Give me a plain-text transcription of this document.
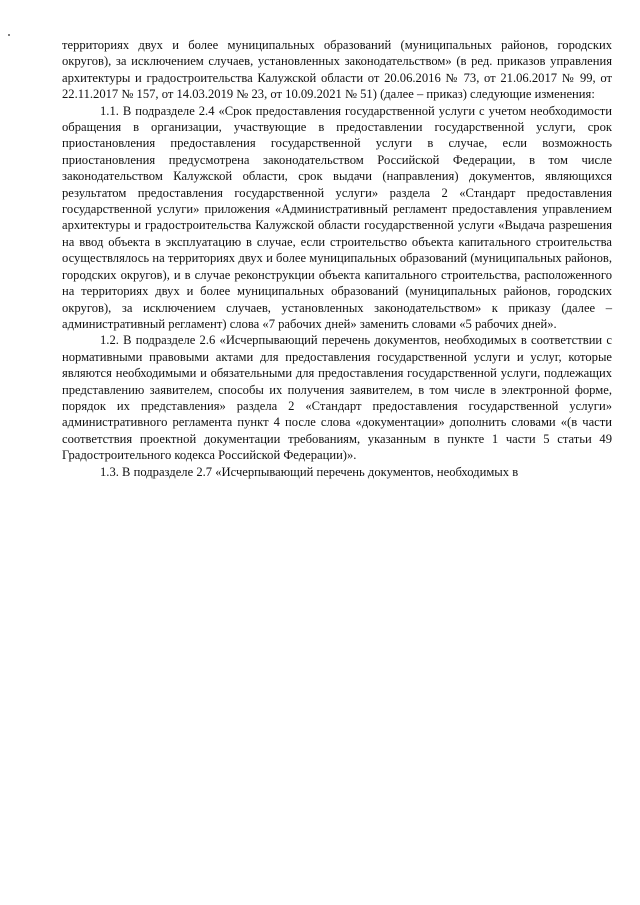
территориях двух и более муниципальных образований (муниципальных районов, городских округов), за исключением случаев, установленных законодательством» (в ред. приказов управления архитектуры и градостроительства Калужской области от 20.06.2016 № 73, от 21.06.2017 № 99, от 22.11.2017 № 157, от 14.03.2019 № 23, от 10.09.2021 № 51) (далее – приказ) следующие изменения:

1.1. В подразделе 2.4 «Срок предоставления государственной услуги с учетом необходимости обращения в организации, участвующие в предоставлении государственной услуги, срок приостановления предоставления государственной услуги в случае, если возможность приостановления предусмотрена законодательством Российской Федерации, в том числе законодательством Калужской области, срок выдачи (направления) документов, являющихся результатом предоставления государственной услуги» раздела 2 «Стандарт предоставления государственной услуги» приложения «Административный регламент предоставления управлением архитектуры и градостроительства Калужской области государственной услуги «Выдача разрешения на ввод объекта в эксплуатацию в случае, если строительство объекта капитального строительства осуществлялось на территориях двух и более муниципальных образований (муниципальных районов, городских округов), и в случае реконструкции объекта капитального строительства, расположенного на территориях двух и более муниципальных образований (муниципальных районов, городских округов), за исключением случаев, установленных законодательством» к приказу (далее – административный регламент) слова «7 рабочих дней» заменить словами «5 рабочих дней».

1.2. В подразделе 2.6 «Исчерпывающий перечень документов, необходимых в соответствии с нормативными правовыми актами для предоставления государственной услуги и услуг, которые являются необходимыми и обязательными для предоставления государственной услуги, подлежащих представлению заявителем, способы их получения заявителем, в том числе в электронной форме, порядок их представления» раздела 2 «Стандарт предоставления государственной услуги» административного регламента пункт 4 после слова «документации» дополнить словами «(в части соответствия проектной документации требованиям, указанным в пункте 1 части 5 статьи 49 Градостроительного кодекса Российской Федерации)».

1.3. В подразделе 2.7 «Исчерпывающий перечень документов, необходимых в
